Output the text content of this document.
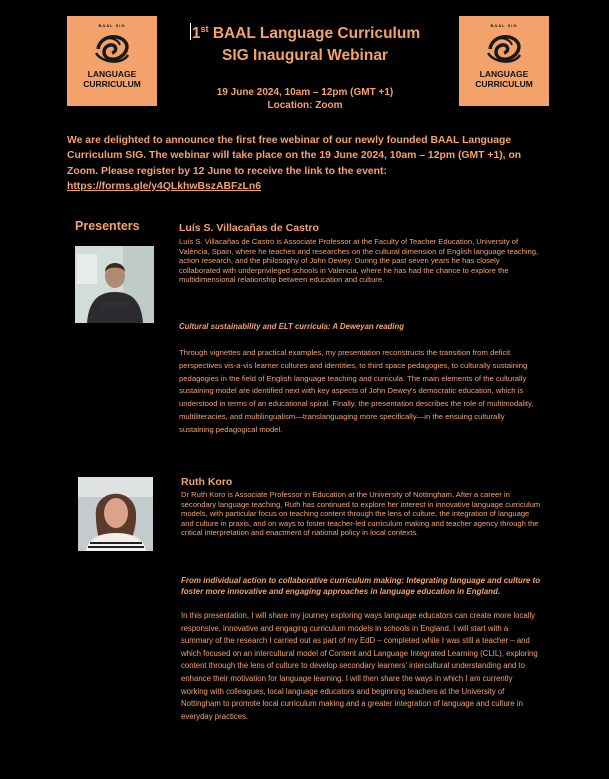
BAAL SIG
LANGUAGE
CURRICULUM
BAAL SIG
LANGUAGE
CURRICULUM
1st BAAL Language Curriculum
SIG Inaugural Webinar
19 June 2024, 10am – 12pm (GMT +1)
Location: Zoom
We are delighted to announce the first free webinar of our newly founded BAAL Language Curriculum SIG. The webinar will take place on the 19 June 2024, 10am – 12pm (GMT +1), on Zoom. Please register by 12 June to receive the link to the event: https://forms.gle/y4QLkhwBszABFzLn6
Presenters	Luís S. Villacañas de Castro
Luís S. Villacañas de Castro is Associate Professor at the Faculty of Teacher Education, University of València, Spain, where he teaches and researches on the cultural dimension of English language teaching, action research, and the philosophy of John Dewey. During the past seven years he has closely collaborated with underprivileged schools in Valencia, where he has had the chance to explore the multidimensional relationship between education and culture.
Cultural sustainability and ELT curricula: A Deweyan reading
Through vignettes and practical examples, my presentation reconstructs the transition from deficit perspectives vis-a-vis learner cultures and identities, to third space pedagogies, to culturally sustaining pedagogies in the field of English language teaching and curricula. The main elements of the culturally sustaining model are identified next with key aspects of John Dewey's democratic education, which is understood in terms of an educational spiral. Finally, the presentation describes the role of multimodality, multiliteracies, and multilingualism—translanguaging more specifically—in the ensuing culturally sustaining pedagogical model.
Ruth Koro
Dr Ruth Koro is Associate Professor in Education at the University of Nottingham. After a career in secondary language teaching, Ruth has continued to explore her interest in innovative language curriculum models, with particular focus on teaching content through the lens of culture, the integration of language and culture in praxis, and on ways to foster teacher-led curriculum making and teacher agency through the critical interpretation and enactment of national policy in local contexts.
From individual action to collaborative curriculum making: Integrating language and culture to foster more innovative and engaging approaches in language education in England.
In this presentation, I will share my journey exploring ways language educators can create more locally responsive, innovative and engaging curriculum models in schools in England. I will start with a summary of the research I carried out as part of my EdD – completed while I was still a teacher – and which focused on an intercultural model of Content and Language Integrated Learning (CLIL), exploring content through the lens of culture to develop secondary learners' intercultural understanding and to enhance their motivation for language learning. I will then share the ways in which I am currently working with colleagues, local language educators and beginning teachers at the University of Nottingham to promote local curriculum making and a greater integration of language and culture in everyday practices.
